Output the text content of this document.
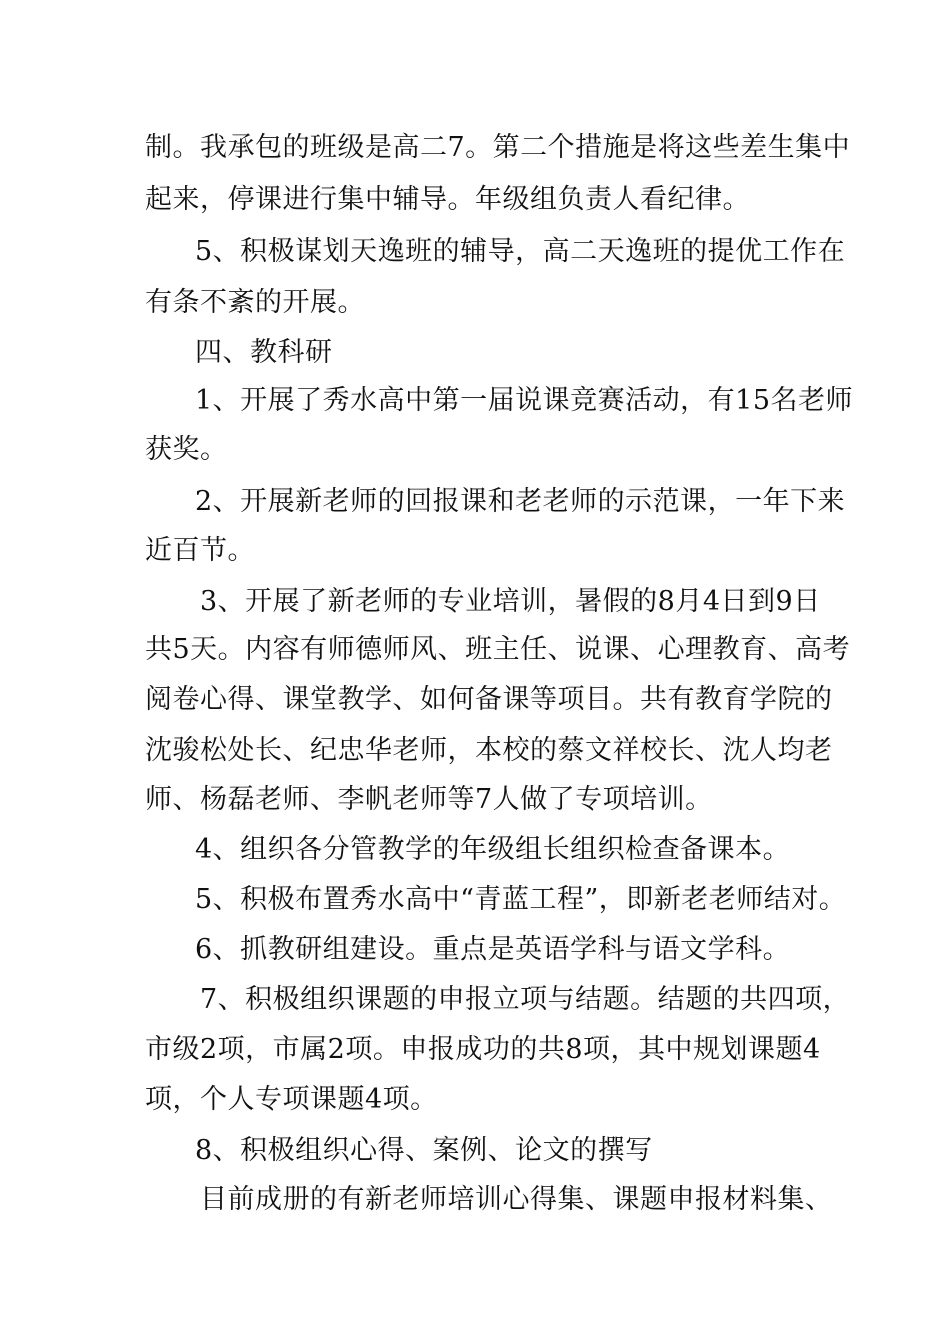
制。我承包的班级是高二7。第二个措施是将这些差生集中
起来，停课进行集中辅导。年级组负责人看纪律。
5、积极谋划天逸班的辅导，高二天逸班的提优工作在
有条不紊的开展。
四、教科研
1、开展了秀水高中第一届说课竞赛活动，有15名老师
获奖。
2、开展新老师的回报课和老老师的示范课，一年下来
近百节。
3、开展了新老师的专业培训，暑假的8月4日到9日
共5天。内容有师德师风、班主任、说课、心理教育、高考
阅卷心得、课堂教学、如何备课等项目。共有教育学院的
沈骏松处长、纪忠华老师，本校的蔡文祥校长、沈人均老
师、杨磊老师、李帆老师等7人做了专项培训。
4、组织各分管教学的年级组长组织检查备课本。
5、积极布置秀水高中“青蓝工程”，即新老老师结对。
6、抓教研组建设。重点是英语学科与语文学科。
7、积极组织课题的申报立项与结题。结题的共四项，
市级2项，市属2项。申报成功的共8项，其中规划课题4
项，个人专项课题4项。
8、积极组织心得、案例、论文的撰写
目前成册的有新老师培训心得集、课题申报材料集、
